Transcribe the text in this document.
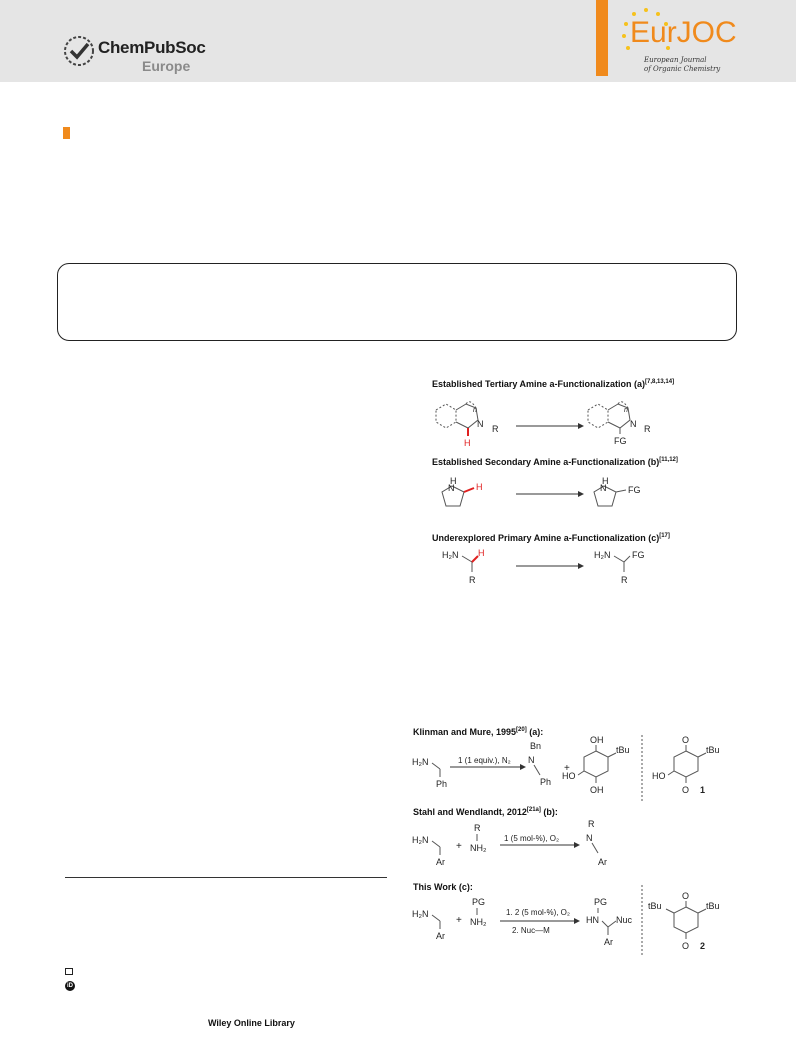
ChemPubSoc
Europe
EurJOC
European Journal
of Organic Chemistry
Established Tertiary Amine a-Functionalization (a)[7,8,13,14]
Established Secondary Amine a-Functionalization (b)[11,12]
Underexplored Primary Amine a-Functionalization (c)[17]
n
N R
H
n
N R
FG
H
N H
H
N FG
H₂N H
R
H₂N FG
R
Klinman and Mure, 1995[20] (a):
Stahl and Wendlandt, 2012[21a] (b):
This Work (c):
H₂N
Ph
1 (1 equiv.), N₂
Bn
N
Ph
+
OH
tBu
HO
OH
O
tBu
HO
O 1
H₂N
Ar
+
R
NH₂
1 (5 mol-%), O₂
R
N
Ar
H₂N
Ar
+
PG
NH₂
1. 2 (5 mol-%), O₂
2. Nuc—M
PG
HN Nuc
Ar
O
tBu	tBu
O 2
iD
Wiley Online Library
